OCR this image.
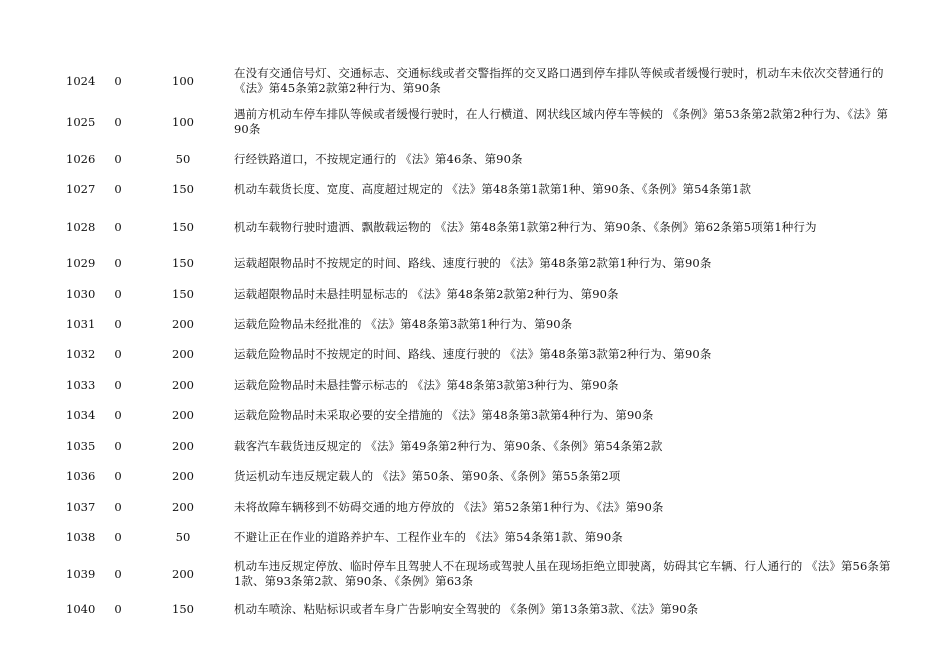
1024	0	100
在没有交通信号灯、交通标志、交通标线或者交警指挥的交叉路口遇到停车排队等候或者缓慢行驶时，机动车未依次交替通行的 《法》第45条第2款第2种行为、第90条
1025	0	100
遇前方机动车停车排队等候或者缓慢行驶时，在人行横道、网状线区域内停车等候的 《条例》第53条第2款第2种行为、《法》第90条
1026	0	50	行经铁路道口，不按规定通行的 《法》第46条、第90条
1027	0	150	机动车载货长度、宽度、高度超过规定的 《法》第48条第1款第1种、第90条、《条例》第54条第1款
1028	0	150	机动车载物行驶时遗洒、飘散载运物的 《法》第48条第1款第2种行为、第90条、《条例》第62条第5项第1种行为
1029	0	150	运载超限物品时不按规定的时间、路线、速度行驶的 《法》第48条第2款第1种行为、第90条
1030	0	150	运载超限物品时未悬挂明显标志的 《法》第48条第2款第2种行为、第90条
1031	0	200	运载危险物品未经批准的 《法》第48条第3款第1种行为、第90条
1032	0	200	运载危险物品时不按规定的时间、路线、速度行驶的 《法》第48条第3款第2种行为、第90条
1033	0	200	运载危险物品时未悬挂警示标志的 《法》第48条第3款第3种行为、第90条
1034	0	200	运载危险物品时未采取必要的安全措施的 《法》第48条第3款第4种行为、第90条
1035	0	200	载客汽车载货违反规定的 《法》第49条第2种行为、第90条、《条例》第54条第2款
1036	0	200	货运机动车违反规定载人的 《法》第50条、第90条、《条例》第55条第2项
1037	0	200	未将故障车辆移到不妨碍交通的地方停放的 《法》第52条第1种行为、《法》第90条
1038	0	50	不避让正在作业的道路养护车、工程作业车的 《法》第54条第1款、第90条
1039	0	200
机动车违反规定停放、临时停车且驾驶人不在现场或驾驶人虽在现场拒绝立即驶离，妨碍其它车辆、行人通行的 《法》第56条第1款、第93条第2款、第90条、《条例》第63条
1040	0	150	机动车喷涂、粘贴标识或者车身广告影响安全驾驶的 《条例》第13条第3款、《法》第90条
